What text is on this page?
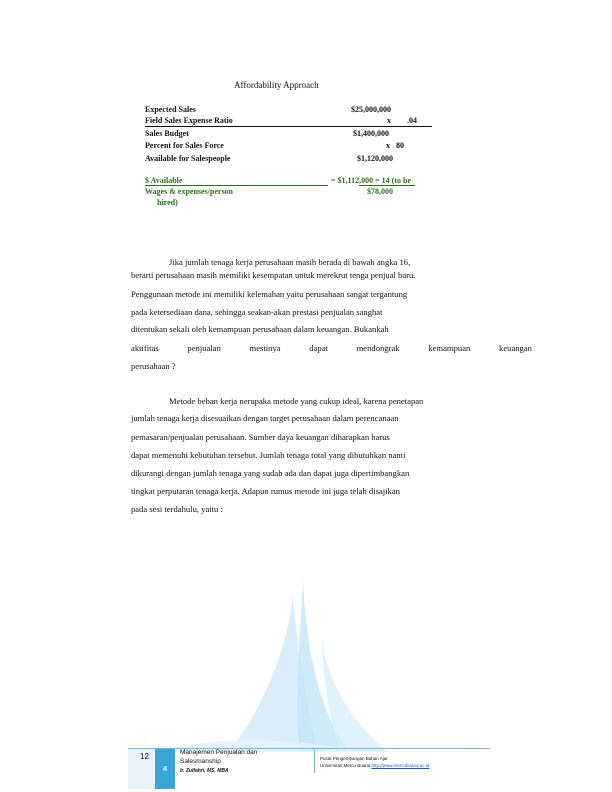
Affordability Approach
Expected Sales	$25,000,000
Field Sales Expense Ratio	x        .04
Sales Budget	$1,400,000
Percent for Sales Force	x   80
Available for Salespeople	$1,120,000
$ Available	= $1,112,000 = 14 (to be
Wages & expenses/person	$78,000
hired)
Jika jumlah tenaga kerja perusahaan masih berada di bawah angka 16,
berarti perusahaan masih memiliki kesempatan untuk merekrut tenga penjual baru.
Penggunaan metode ini memiliki kelemahan yaitu perusahaan sangat tergantung
pada ketersediaan dana, sehingga seakan-akan prestasi penjualan sanghat
ditentukan sekali oleh kemampuan perusahaan dalam keuangan. Bukankah
aktifitas	penjualan	mestinya	dapat	mendongrak	kemampuan	keuangan
perusahaan ?
Metode beban kerja nerupaka metode yang cukup ideal, karena penetapan
jumlah tenaga kerja disesuaikan dengan target perusahaan dalam perencanaan
pemasaran/penjualan perusahaan. Sumber daya keuangan diharapkan harus
dapat memenuhi kebutuhan tersebut. Jumlah tenaga total yang dibutuhkan nanti
dikurangi dengan jumlah tenaga yang sudah ada dan dapat juga dipertimbangkan
tingkat perputaran tenaga kerja. Adapun rumus metode ini juga telah disajikan
pada sesi terdahulu, yaitu :
12
4
Manajemen Penjualan dan
Salesmanship
Ir. Zulfahri, MS. MBA
Pusat Pengembangan Bahan Ajar
Universitas Mercu Buana http://www.mercubuana.ac.id
